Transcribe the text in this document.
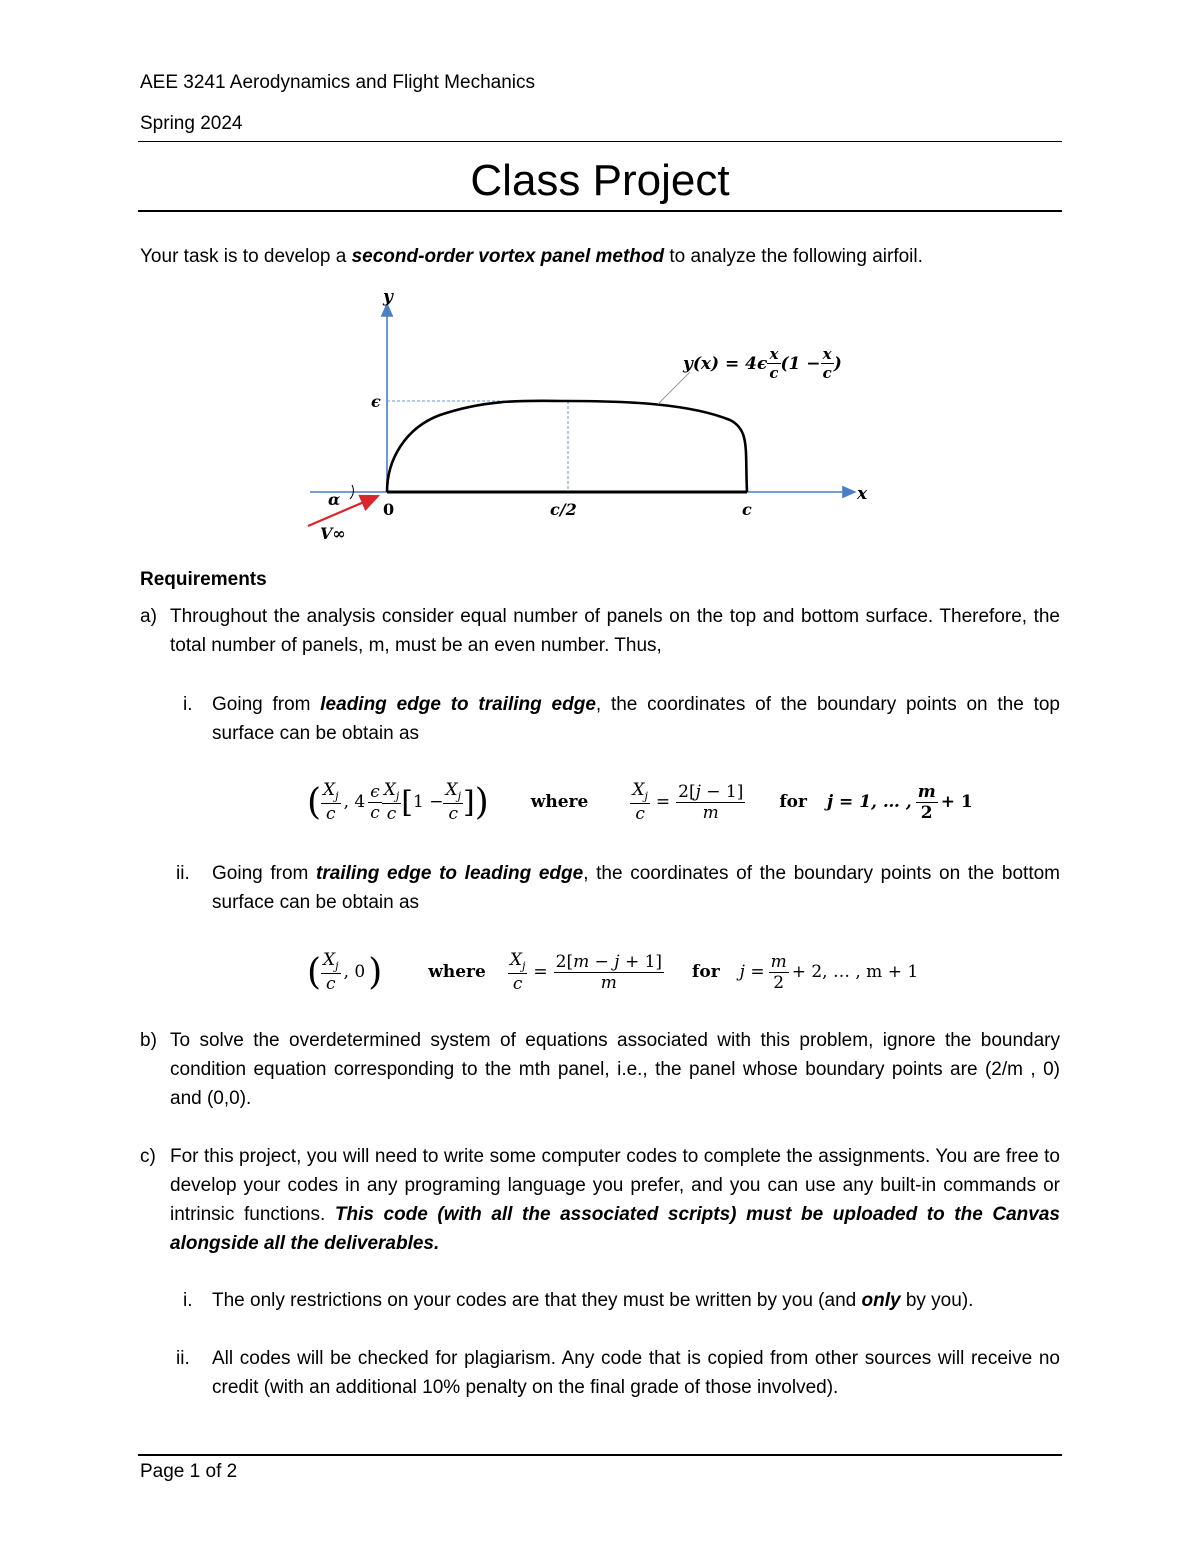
AEE 3241 Aerodynamics and Flight Mechanics
Spring 2024
Class Project
Your task is to develop a second-order vortex panel method to analyze the following airfoil.
y
x
ϵ
0	c/2	c
α
V∞
$y(x) = 4\epsilon \frac{x}{c} (1 - \frac{x}{c}$ )
Requirements
a) Throughout the analysis consider equal number of panels on the top and bottom surface. Therefore, the total number of panels, m, must be an even number. Thus,
i. Going from leading edge to trailing edge, the coordinates of the boundary points on the top surface can be obtain as
( $\frac{X_j}{c}$ , $4 \frac{\epsilon}{c} \frac{X_j}{c}$ [ $1 - \frac{X_j}{c}$ ] ) where $\frac{X_j}{c} = \frac{2[j - 1]}{m}$ for j = 1, … , $\frac{m}{2} + 1$
ii. Going from trailing edge to leading edge, the coordinates of the boundary points on the bottom surface can be obtain as
( $\frac{X_j}{c}$ , 0 )	where $\frac{X_j}{c} = \frac{2[m - j + 1]}{m}$ for $j = \frac{m}{2} + 2$, … , m + 1
b) To solve the overdetermined system of equations associated with this problem, ignore the boundary condition equation corresponding to the mth panel, i.e., the panel whose boundary points are (2/m , 0) and (0,0).
c) For this project, you will need to write some computer codes to complete the assignments. You are free to develop your codes in any programing language you prefer, and you can use any built-in commands or intrinsic functions. This code (with all the associated scripts) must be uploaded to the Canvas alongside all the deliverables.
i. The only restrictions on your codes are that they must be written by you (and only by you).
ii. All codes will be checked for plagiarism. Any code that is copied from other sources will receive no credit (with an additional 10% penalty on the final grade of those involved).
Page 1 of 2
